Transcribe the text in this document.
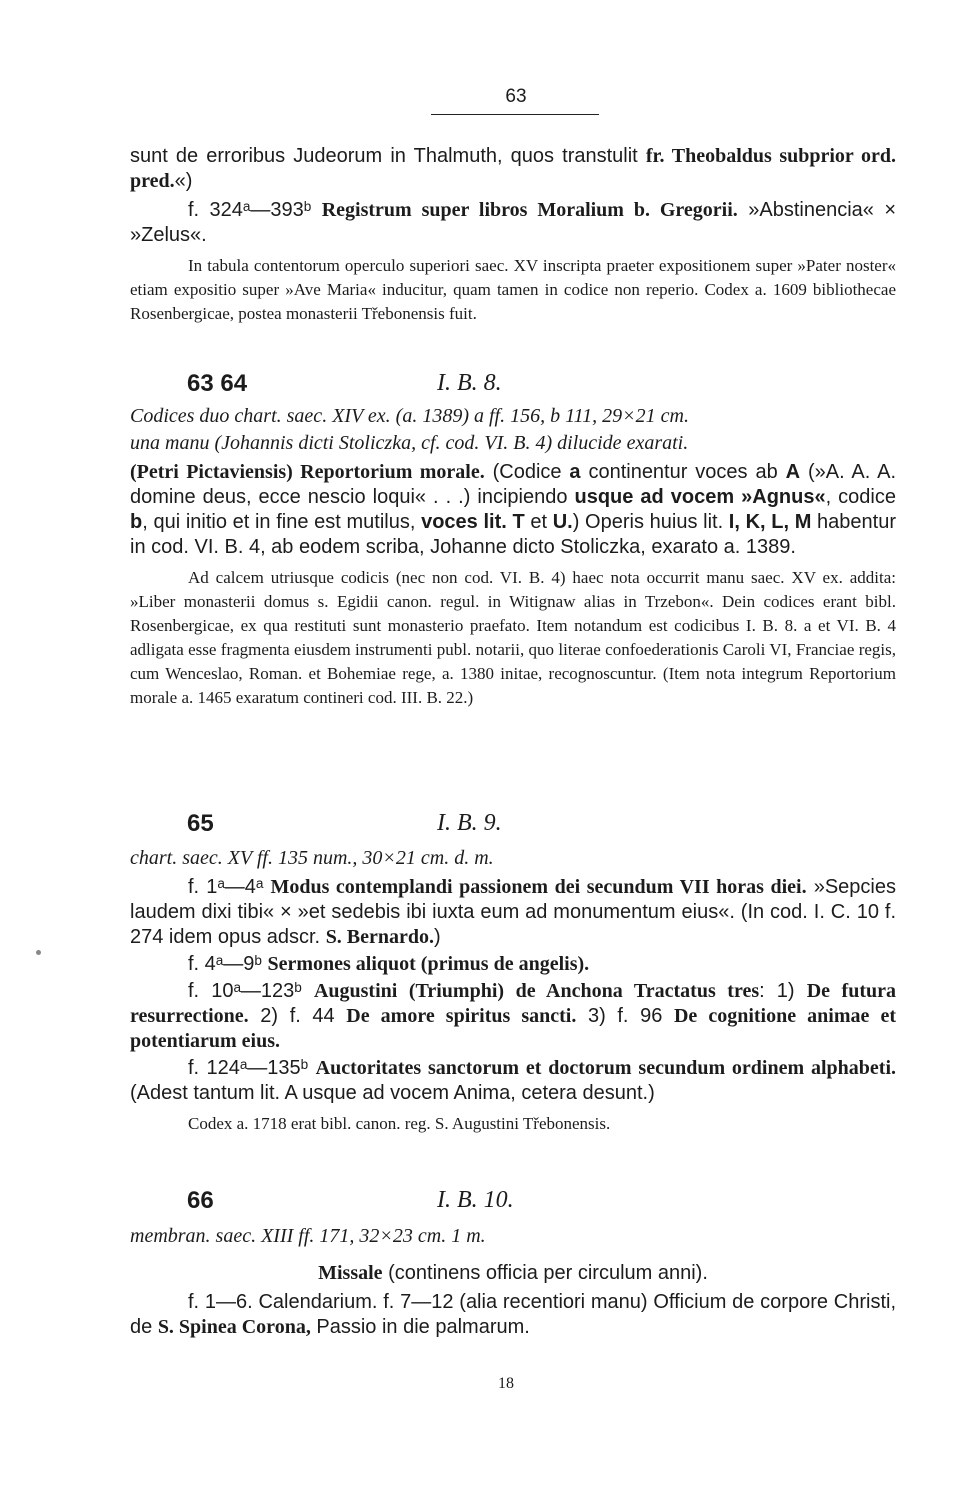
63

sunt de erroribus Judeorum in Thalmuth, quos transtulit fr. Theobaldus subprior ord. pred.«)

f. 324ᵃ—393ᵇ Registrum super libros Moralium b. Gregorii. »Abstinencia« × »Zelus«.

In tabula contentorum operculo superiori saec. XV inscripta praeter expositionem super »Pater noster« etiam expositio super »Ave Maria« inducitur, quam tamen in codice non reperio. Codex a. 1609 bibliothecae Rosenbergicae, postea monasterii Třebonensis fuit.

63 64	I. B. 8.

Codices duo chart. saec. XIV ex. (a. 1389) a ff. 156, b 111, 29×21 cm.

una manu (Johannis dicti Stoliczka, cf. cod. VI. B. 4) dilucide exarati.

(Petri Pictaviensis) Reportorium morale. (Codice a continentur voces ab A (»A. A. A. domine deus, ecce nescio loqui« . . .) incipiendo usque ad vocem »Agnus«, codice b, qui initio et in fine est mutilus, voces lit. T et U.) Operis huius lit. I, K, L, M habentur in cod. VI. B. 4, ab eodem scriba, Johanne dicto Stoliczka, exarato a. 1389.

Ad calcem utriusque codicis (nec non cod. VI. B. 4) haec nota occurrit manu saec. XV ex. addita: »Liber monasterii domus s. Egidii canon. regul. in Witignaw alias in Trzebon«. Dein codices erant bibl. Rosenbergicae, ex qua restituti sunt monasterio praefato. Item notandum est codicibus I. B. 8. a et VI. B. 4 adligata esse fragmenta eiusdem instrumenti publ. notarii, quo literae confoederationis Caroli VI, Franciae regis, cum Wenceslao, Roman. et Bohemiae rege, a. 1380 initae, recognoscuntur. (Item nota integrum Reportorium morale a. 1465 exaratum contineri cod. III. B. 22.)

65	I. B. 9.

chart. saec. XV ff. 135 num., 30×21 cm. d. m.

f. 1ᵃ—4ᵃ Modus contemplandi passionem dei secundum VII horas diei. »Sepcies laudem dixi tibi« × »et sedebis ibi iuxta eum ad monumentum eius«. (In cod. I. C. 10 f. 274 idem opus adscr. S. Bernardo.)

f. 4ᵃ—9ᵇ Sermones aliquot (primus de angelis).

f. 10ᵃ—123ᵇ Augustini (Triumphi) de Anchona Tractatus tres: 1) De futura resurrectione. 2) f. 44 De amore spiritus sancti. 3) f. 96 De cognitione animae et potentiarum eius.

f. 124ᵃ—135ᵇ Auctoritates sanctorum et doctorum secundum ordinem alphabeti. (Adest tantum lit. A usque ad vocem Anima, cetera desunt.)

Codex a. 1718 erat bibl. canon. reg. S. Augustini Třebonensis.

66	I. B. 10.

membran. saec. XIII ff. 171, 32×23 cm. 1 m.

Missale (continens officia per circulum anni).

f. 1—6. Calendarium. f. 7—12 (alia recentiori manu) Officium de corpore Christi, de S. Spinea Corona, Passio in die palmarum.

18
